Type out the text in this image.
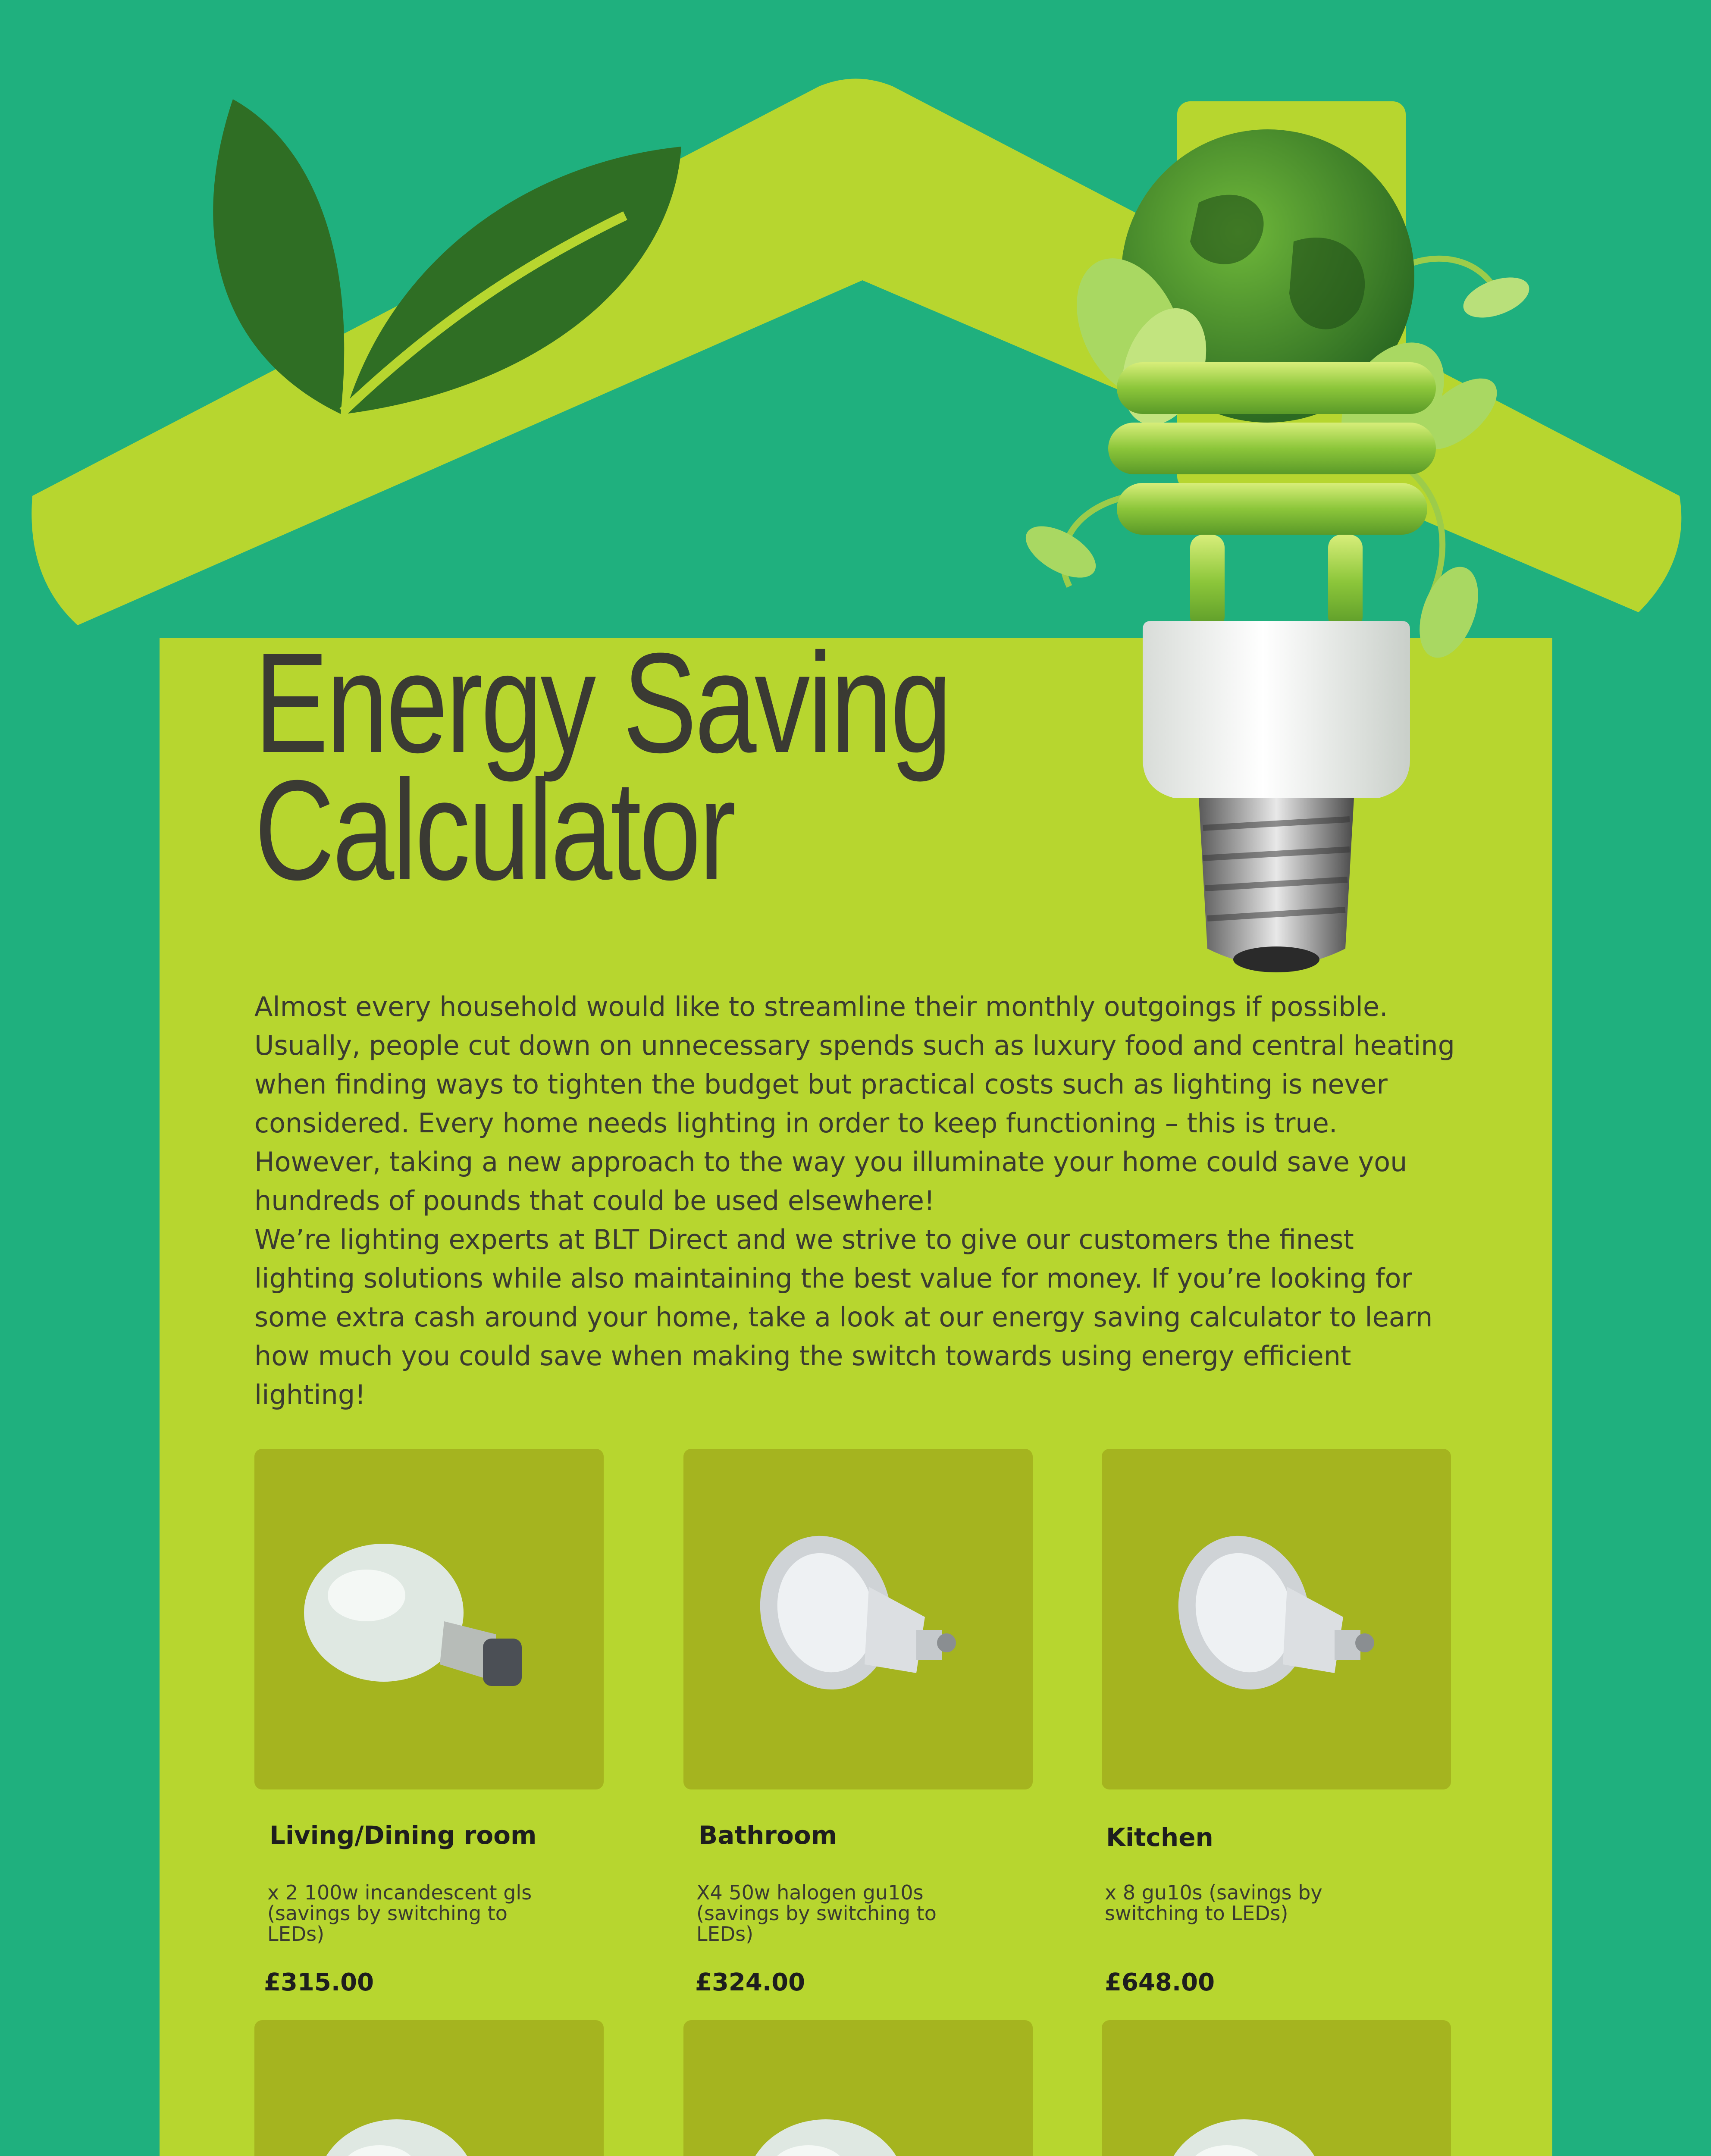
Energy Saving
Calculator

Almost every household would like to streamline their monthly outgoings if possible. Usually, people cut down on unnecessary spends such as luxury food and central heating when finding ways to tighten the budget but practical costs such as lighting is never considered. Every home needs lighting in order to keep functioning – this is true. However, taking a new approach to the way you illuminate your home could save you hundreds of pounds that could be used elsewhere!

We’re lighting experts at BLT Direct and we strive to give our customers the finest lighting solutions while also maintaining the best value for money. If you’re looking for some extra cash around your home, take a look at our energy saving calculator to learn how much you could save when making the switch towards using energy efficient lighting!

Living/Dining room
x 2 100w incandescent gls (savings by switching to LEDs)
£315.00
Bathroom
X4 50w halogen gu10s (savings by switching to LEDs)
£324.00
Kitchen
x 8 gu10s (savings by switching to LEDs)
£648.00
